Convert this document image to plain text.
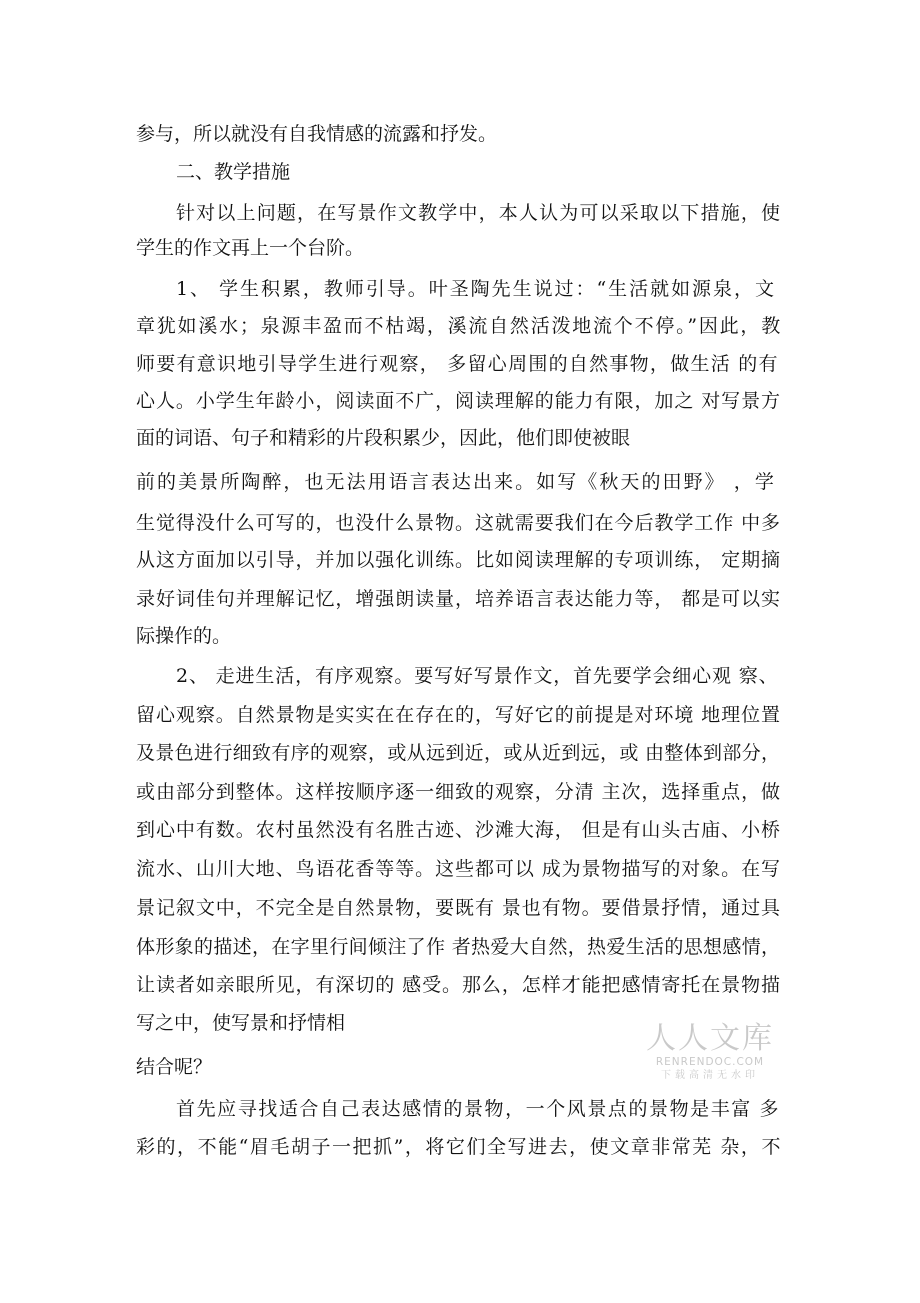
参与，所以就没有自我情感的流露和抒发。
二、教学措施
针对以上问题，在写景作文教学中，本人认为可以采取以下措施，使
学生的作文再上一个台阶。
1、 学生积累，教师引导。叶圣陶先生说过：“生活就如源泉，文
章犹如溪水；泉源丰盈而不枯竭，溪流自然活泼地流个不停。”因此，教
师要有意识地引导学生进行观察， 多留心周围的自然事物，做生活 的有
心人。小学生年龄小，阅读面不广，阅读理解的能力有限，加之 对写景方
面的词语、句子和精彩的片段积累少，因此，他们即使被眼
前的美景所陶醉，也无法用语言表达出来。如写《秋天的田野》 ，学
生觉得没什么可写的，也没什么景物。这就需要我们在今后教学工作 中多
从这方面加以引导，并加以强化训练。比如阅读理解的专项训练， 定期摘
录好词佳句并理解记忆，增强朗读量，培养语言表达能力等， 都是可以实
际操作的。
2、 走进生活，有序观察。要写好写景作文，首先要学会细心观 察、
留心观察。自然景物是实实在在存在的，写好它的前提是对环境 地理位置
及景色进行细致有序的观察，或从远到近，或从近到远，或 由整体到部分，
或由部分到整体。这样按顺序逐一细致的观察，分清 主次，选择重点，做
到心中有数。农村虽然没有名胜古迹、沙滩大海， 但是有山头古庙、小桥
流水、山川大地、鸟语花香等等。这些都可以 成为景物描写的对象。在写
景记叙文中，不完全是自然景物，要既有 景也有物。要借景抒情，通过具
体形象的描述，在字里行间倾注了作 者热爱大自然，热爱生活的思想感情，
让读者如亲眼所见，有深切的 感受。那么，怎样才能把感情寄托在景物描
写之中，使写景和抒情相
结合呢？
首先应寻找适合自己表达感情的景物，一个风景点的景物是丰富 多
彩的，不能“眉毛胡子一把抓”，将它们全写进去，使文章非常芜 杂，不
人人文库
RENRENDOC.COM
下载高清无水印
